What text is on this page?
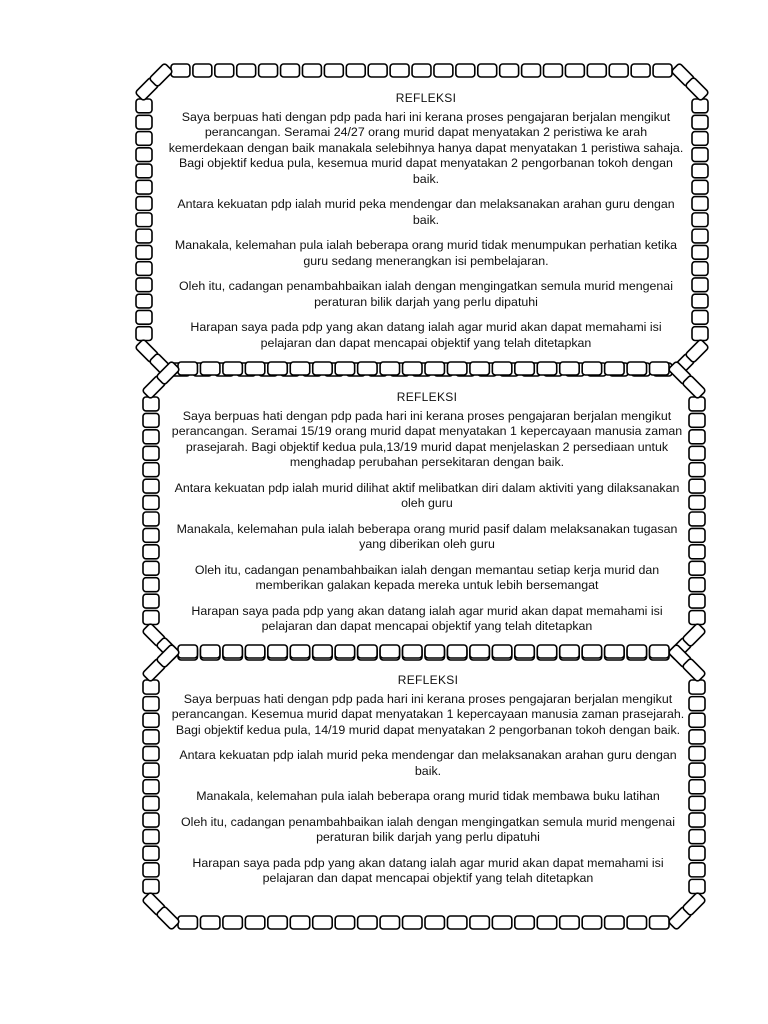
REFLEKSI

Saya berpuas hati dengan pdp pada hari ini kerana proses pengajaran berjalan mengikut perancangan. Seramai 24/27 orang murid dapat menyatakan 2 peristiwa ke arah kemerdekaan dengan baik manakala selebihnya hanya dapat menyatakan 1 peristiwa sahaja. Bagi objektif kedua pula, kesemua murid dapat menyatakan 2 pengorbanan tokoh dengan baik.

Antara kekuatan pdp ialah murid peka mendengar dan melaksanakan arahan guru dengan baik.

Manakala, kelemahan pula ialah beberapa orang murid tidak menumpukan perhatian ketika guru sedang menerangkan isi pembelajaran.

Oleh itu, cadangan penambahbaikan ialah dengan mengingatkan semula murid mengenai peraturan bilik darjah yang perlu dipatuhi

Harapan saya pada pdp yang akan datang ialah agar murid akan dapat memahami isi pelajaran dan dapat mencapai objektif yang telah ditetapkan

REFLEKSI

Saya berpuas hati dengan pdp pada hari ini kerana proses pengajaran berjalan mengikut perancangan. Seramai 15/19 orang murid dapat menyatakan 1 kepercayaan manusia zaman prasejarah. Bagi objektif kedua pula,13/19 murid dapat menjelaskan 2 persediaan untuk menghadap perubahan persekitaran dengan baik.

Antara kekuatan pdp ialah murid dilihat aktif melibatkan diri dalam aktiviti yang dilaksanakan oleh guru

Manakala, kelemahan pula ialah beberapa orang murid pasif dalam melaksanakan tugasan yang diberikan oleh guru

Oleh itu, cadangan penambahbaikan ialah dengan memantau setiap kerja murid dan memberikan galakan kepada mereka untuk lebih bersemangat

Harapan saya pada pdp yang akan datang ialah agar murid akan dapat memahami isi pelajaran dan dapat mencapai objektif yang telah ditetapkan

REFLEKSI

Saya berpuas hati dengan pdp pada hari ini kerana proses pengajaran berjalan mengikut perancangan. Kesemua murid dapat menyatakan 1 kepercayaan manusia zaman prasejarah. Bagi objektif kedua pula, 14/19 murid dapat menyatakan 2 pengorbanan tokoh dengan baik.

Antara kekuatan pdp ialah murid peka mendengar dan melaksanakan arahan guru dengan baik.

Manakala, kelemahan pula ialah beberapa orang murid tidak membawa buku latihan

Oleh itu, cadangan penambahbaikan ialah dengan mengingatkan semula murid mengenai peraturan bilik darjah yang perlu dipatuhi

Harapan saya pada pdp yang akan datang ialah agar murid akan dapat memahami isi pelajaran dan dapat mencapai objektif yang telah ditetapkan
